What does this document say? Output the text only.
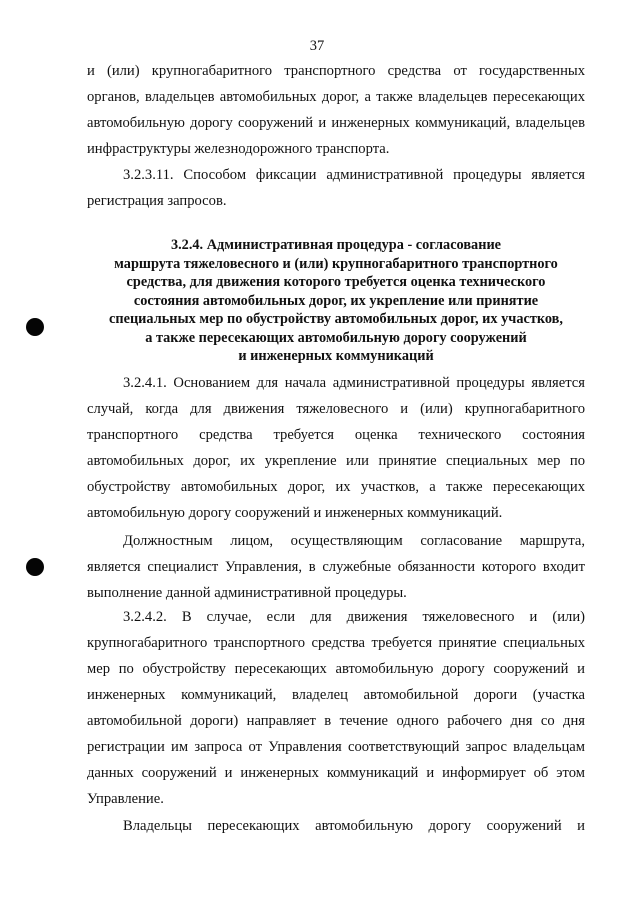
37
и (или) крупногабаритного транспортного средства от государственных
органов, владельцев автомобильных дорог, а также владельцев пересекающих
автомобильную дорогу сооружений и инженерных коммуникаций, владельцев
инфраструктуры железнодорожного транспорта.
3.2.3.11. Способом фиксации административной процедуры является
регистрация запросов.
3.2.4. Административная процедура - согласование
маршрута тяжеловесного и (или) крупногабаритного транспортного
средства, для движения которого требуется оценка технического
состояния автомобильных дорог, их укрепление или принятие
специальных мер по обустройству автомобильных дорог, их участков,
а также пересекающих автомобильную дорогу сооружений
и инженерных коммуникаций
3.2.4.1. Основанием для начала административной процедуры является
случай, когда для движения тяжеловесного и (или) крупногабаритного
транспортного средства требуется оценка технического состояния
автомобильных дорог, их укрепление или принятие специальных мер по
обустройству автомобильных дорог, их участков, а также пересекающих
автомобильную дорогу сооружений и инженерных коммуникаций.
Должностным лицом, осуществляющим согласование маршрута,
является специалист Управления, в служебные обязанности которого входит
выполнение данной административной процедуры.
3.2.4.2. В случае, если для движения тяжеловесного и (или)
крупногабаритного транспортного средства требуется принятие специальных
мер по обустройству пересекающих автомобильную дорогу сооружений и
инженерных коммуникаций, владелец автомобильной дороги (участка
автомобильной дороги) направляет в течение одного рабочего дня со дня
регистрации им запроса от Управления соответствующий запрос владельцам
данных сооружений и инженерных коммуникаций и информирует об этом
Управление.
Владельцы пересекающих автомобильную дорогу сооружений и
